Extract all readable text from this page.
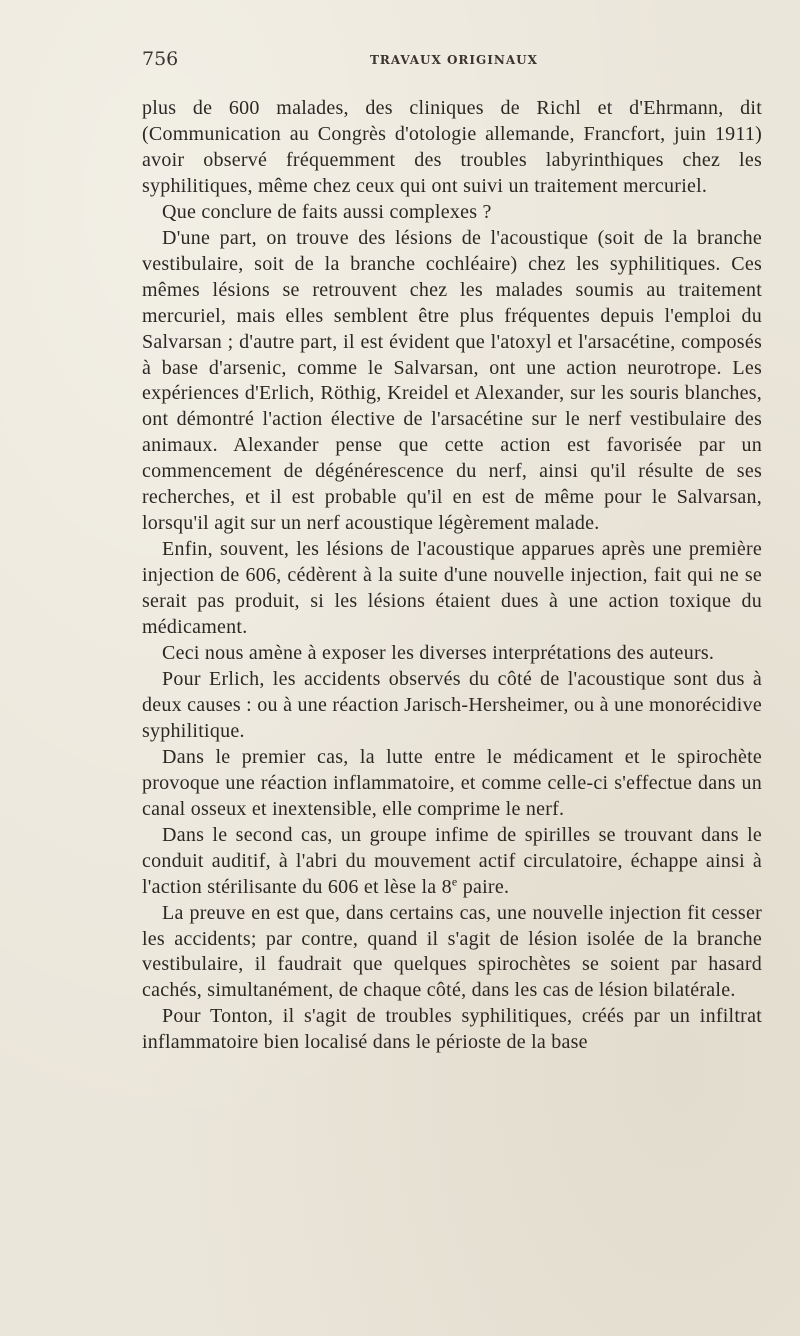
756	TRAVAUX ORIGINAUX

plus de 600 malades, des cliniques de Richl et d'Ehrmann, dit (Communication au Congrès d'otologie allemande, Francfort, juin 1911) avoir observé fréquemment des troubles labyrinthiques chez les syphilitiques, même chez ceux qui ont suivi un traitement mercuriel.

Que conclure de faits aussi complexes ?

D'une part, on trouve des lésions de l'acoustique (soit de la branche vestibulaire, soit de la branche cochléaire) chez les syphilitiques. Ces mêmes lésions se retrouvent chez les malades soumis au traitement mercuriel, mais elles semblent être plus fréquentes depuis l'emploi du Salvarsan ; d'autre part, il est évident que l'atoxyl et l'arsacétine, composés à base d'arsenic, comme le Salvarsan, ont une action neurotrope. Les expériences d'Erlich, Röthig, Kreidel et Alexander, sur les souris blanches, ont démontré l'action élective de l'arsacétine sur le nerf vestibulaire des animaux. Alexander pense que cette action est favorisée par un commencement de dégénérescence du nerf, ainsi qu'il résulte de ses recherches, et il est probable qu'il en est de même pour le Salvarsan, lorsqu'il agit sur un nerf acoustique légèrement malade.

Enfin, souvent, les lésions de l'acoustique apparues après une première injection de 606, cédèrent à la suite d'une nouvelle injection, fait qui ne se serait pas produit, si les lésions étaient dues à une action toxique du médicament.

Ceci nous amène à exposer les diverses interprétations des auteurs.

Pour Erlich, les accidents observés du côté de l'acoustique sont dus à deux causes : ou à une réaction Jarisch-Hersheimer, ou à une monorécidive syphilitique.

Dans le premier cas, la lutte entre le médicament et le spirochète provoque une réaction inflammatoire, et comme celle-ci s'effectue dans un canal osseux et inextensible, elle comprime le nerf.

Dans le second cas, un groupe infime de spirilles se trouvant dans le conduit auditif, à l'abri du mouvement actif circulatoire, échappe ainsi à l'action stérilisante du 606 et lèse la 8e paire.

La preuve en est que, dans certains cas, une nouvelle injection fit cesser les accidents; par contre, quand il s'agit de lésion isolée de la branche vestibulaire, il faudrait que quelques spirochètes se soient par hasard cachés, simultanément, de chaque côté, dans les cas de lésion bilatérale.

Pour Tonton, il s'agit de troubles syphilitiques, créés par un infiltrat inflammatoire bien localisé dans le périoste de la base
